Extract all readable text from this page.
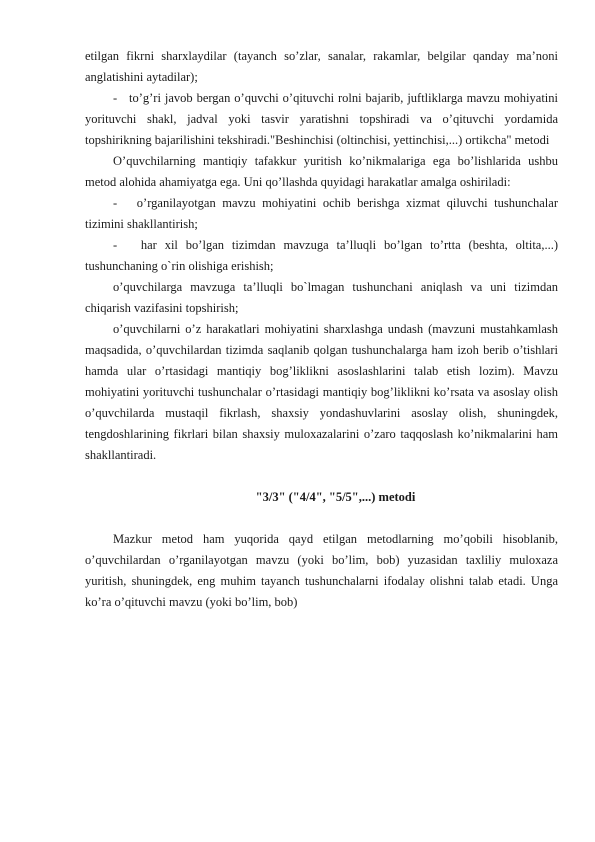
etilgan fikrni sharxlaydilar (tayanch so’zlar, sanalar, rakamlar, belgilar qanday ma’noni anglatishini aytadilar);

-   to’g’ri javob bergan o’quvchi o’qituvchi rolni bajarib, juftliklarga mavzu mohiyatini yorituvchi shakl, jadval yoki tasvir yaratishni topshiradi va o’qituvchi yordamida topshirikning bajarilishini tekshiradi."Beshinchisi (oltinchisi, yettinchisi,...) ortikcha" metodi

O’quvchilarning mantiqiy tafakkur yuritish ko’nikmalariga ega bo’lishlarida ushbu metod alohida ahamiyatga ega. Uni qo’llashda quyidagi harakatlar amalga oshiriladi:

-   o’rganilayotgan mavzu mohiyatini ochib berishga xizmat qiluvchi tushunchalar tizimini shakllantirish;

-   har xil bo’lgan tizimdan mavzuga ta’lluqli bo’lgan to’rtta (beshta, oltita,...) tushunchaning o`rin olishiga erishish;

o’quvchilarga mavzuga ta’lluqli bo`lmagan tushunchani aniqlash va uni tizimdan chiqarish vazifasini topshirish;

o’quvchilarni o’z harakatlari mohiyatini sharxlashga undash (mavzuni mustahkamlash maqsadida, o’quvchilardan tizimda saqlanib qolgan tushunchalarga ham izoh berib o’tishlari hamda ular o’rtasidagi mantiqiy bog’liklikni asoslashlarini talab etish lozim). Mavzu mohiyatini yorituvchi tushunchalar o’rtasidagi mantiqiy bog’liklikni ko’rsata va asoslay olish o’quvchilarda mustaqil fikrlash, shaxsiy yondashuvlarini asoslay olish, shuningdek, tengdoshlarining fikrlari bilan shaxsiy muloxazalarini o’zaro taqqoslash ko’nikmalarini ham shakllantiradi.

"3/3" ("4/4", "5/5",...) metodi

Mazkur metod ham yuqorida qayd etilgan metodlarning mo’qobili hisoblanib, o’quvchilardan o’rganilayotgan mavzu (yoki bo’lim, bob) yuzasidan taxliliy muloxaza yuritish, shuningdek, eng muhim tayanch tushunchalarni ifodalay olishni talab etadi. Unga ko’ra o’qituvchi mavzu (yoki bo’lim, bob)
